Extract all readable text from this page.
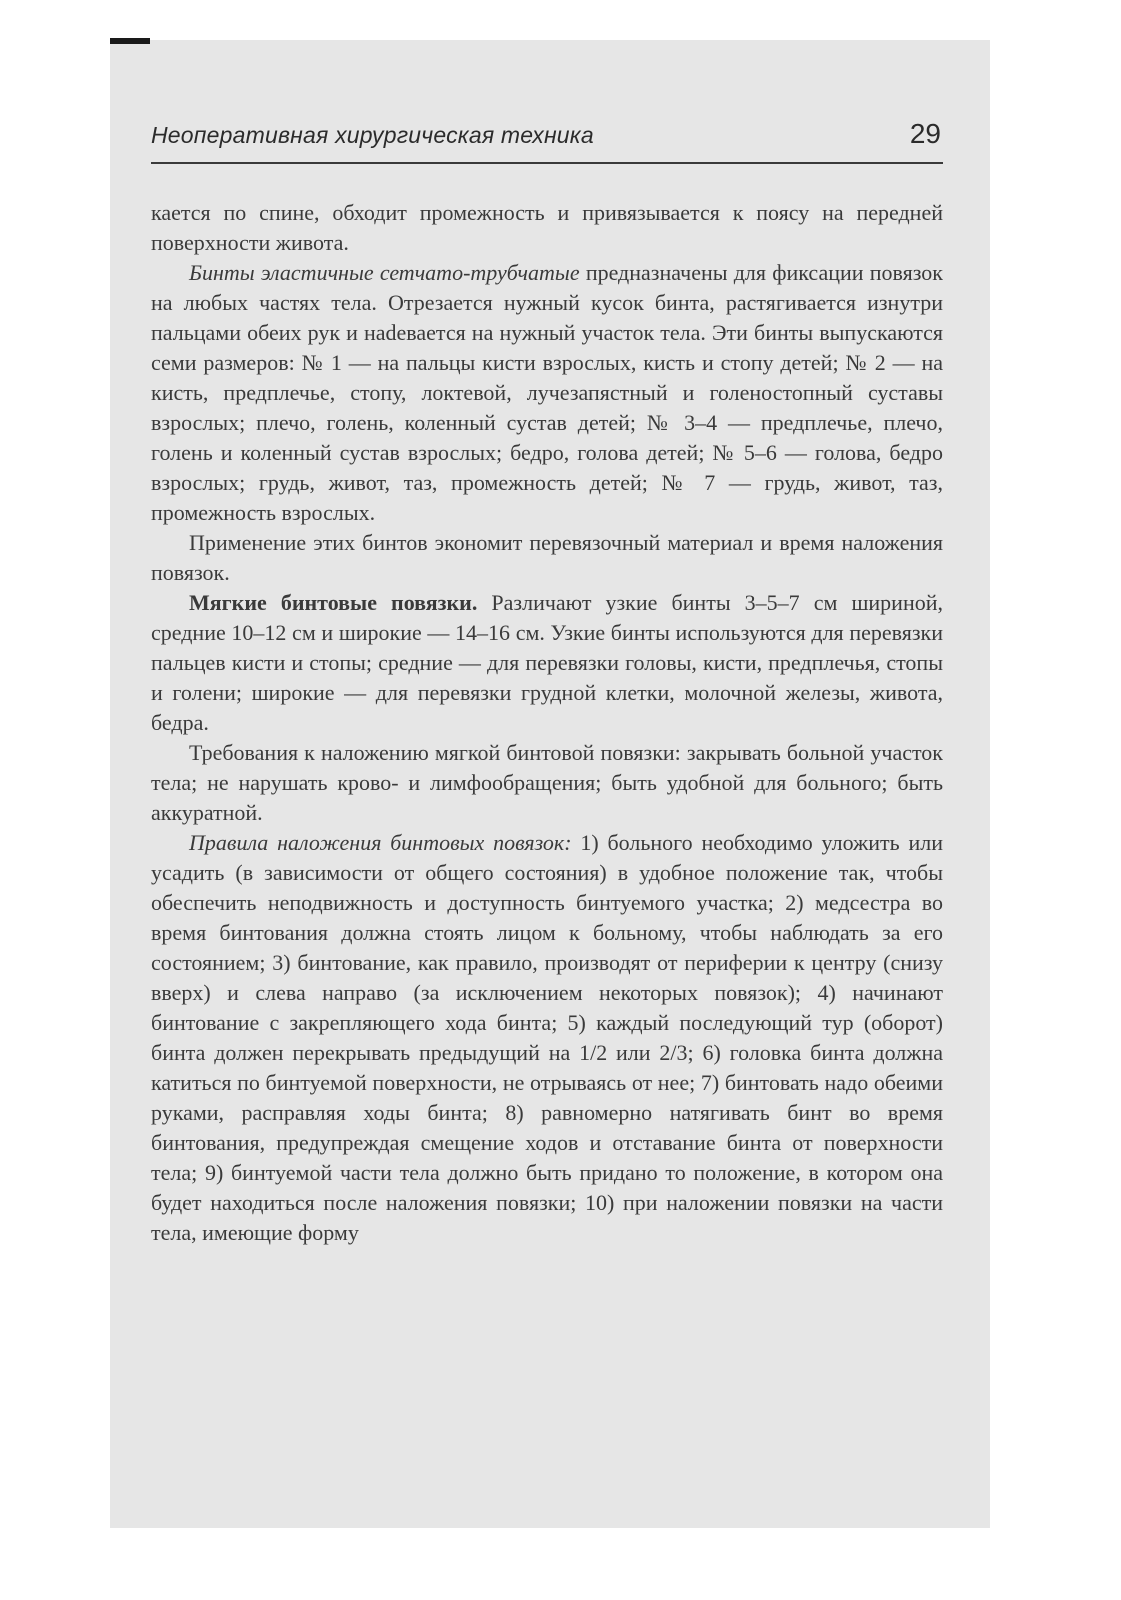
Неоперативная хирургическая техника	29

кается по спине, обходит промежность и привязывается к поясу на передней поверхности живота.

Бинты эластичные сетчато-трубчатые предназначены для фиксации повязок на любых частях тела. Отрезается нужный кусок бинта, растягивается изнутри пальцами обеих рук и наdевается на нужный участок тела. Эти бинты выпускаются семи размеров: № 1 — на пальцы кисти взрослых, кисть и стопу детей; № 2 — на кисть, предплечье, стопу, локтевой, лучезапястный и голеностопный суставы взрослых; плечо, голень, коленный сустав детей; № 3–4 — предплечье, плечо, голень и коленный сустав взрослых; бедро, голова детей; № 5–6 — голова, бедро взрослых; грудь, живот, таз, промежность детей; № 7 — грудь, живот, таз, промежность взрослых.

Применение этих бинтов экономит перевязочный материал и время наложения повязок.

Мягкие бинтовые повязки. Различают узкие бинты 3–5–7 см шириной, средние 10–12 см и широкие — 14–16 см. Узкие бинты используются для перевязки пальцев кисти и стопы; средние — для перевязки головы, кисти, предплечья, стопы и голени; широкие — для перевязки грудной клетки, молочной железы, живота, бедра.

Требования к наложению мягкой бинтовой повязки: закрывать больной участок тела; не нарушать крово- и лимфообращения; быть удобной для больного; быть аккуратной.

Правила наложения бинтовых повязок: 1) больного необходимо уложить или усадить (в зависимости от общего состояния) в удобное положение так, чтобы обеспечить неподвижность и доступность бинтуемого участка; 2) медсестра во время бинтования должна стоять лицом к больному, чтобы наблюдать за его состоянием; 3) бинтование, как правило, производят от периферии к центру (снизу вверх) и слева направо (за исключением некоторых повязок); 4) начинают бинтование с закрепляющего хода бинта; 5) каждый последующий тур (оборот) бинта должен перекрывать предыдущий на 1/2 или 2/3; 6) головка бинта должна катиться по бинтуемой поверхности, не отрываясь от нее; 7) бинтовать надо обеими руками, расправляя ходы бинта; 8) равномерно натягивать бинт во время бинтования, предупреждая смещение ходов и отставание бинта от поверхности тела; 9) бинтуемой части тела должно быть придано то положение, в котором она будет находиться после наложения повязки; 10) при наложении повязки на части тела, имеющие форму
